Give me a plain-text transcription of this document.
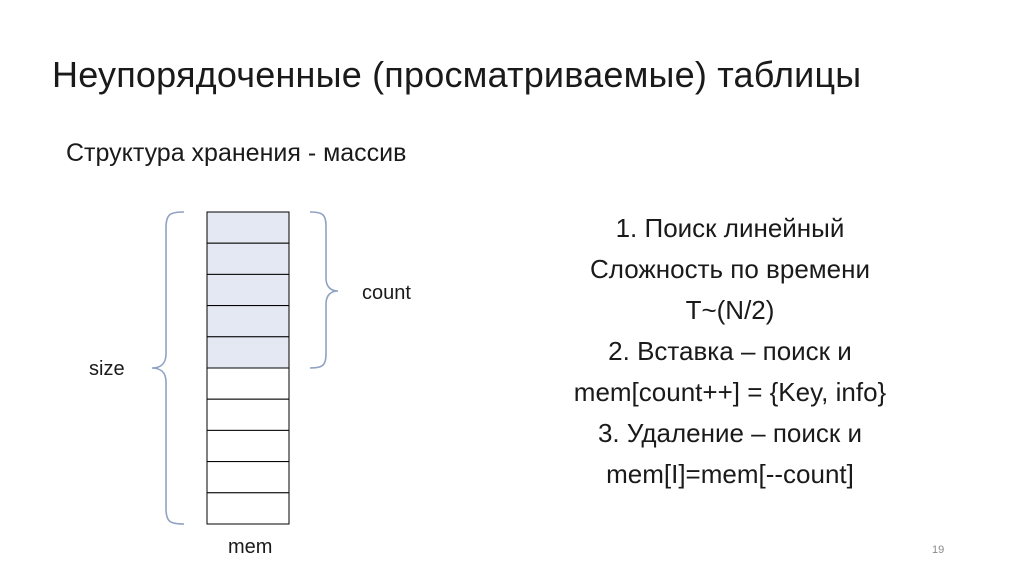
Неупорядоченные (просматриваемые) таблицы
Структура хранения - массив
size
count
mem
1. Поиск линейный
Сложность по времени
T~(N/2)
2. Вставка – поиск и
mem[count++] = {Key, info}
3. Удаление – поиск и
mem[I]=mem[--count]
19
